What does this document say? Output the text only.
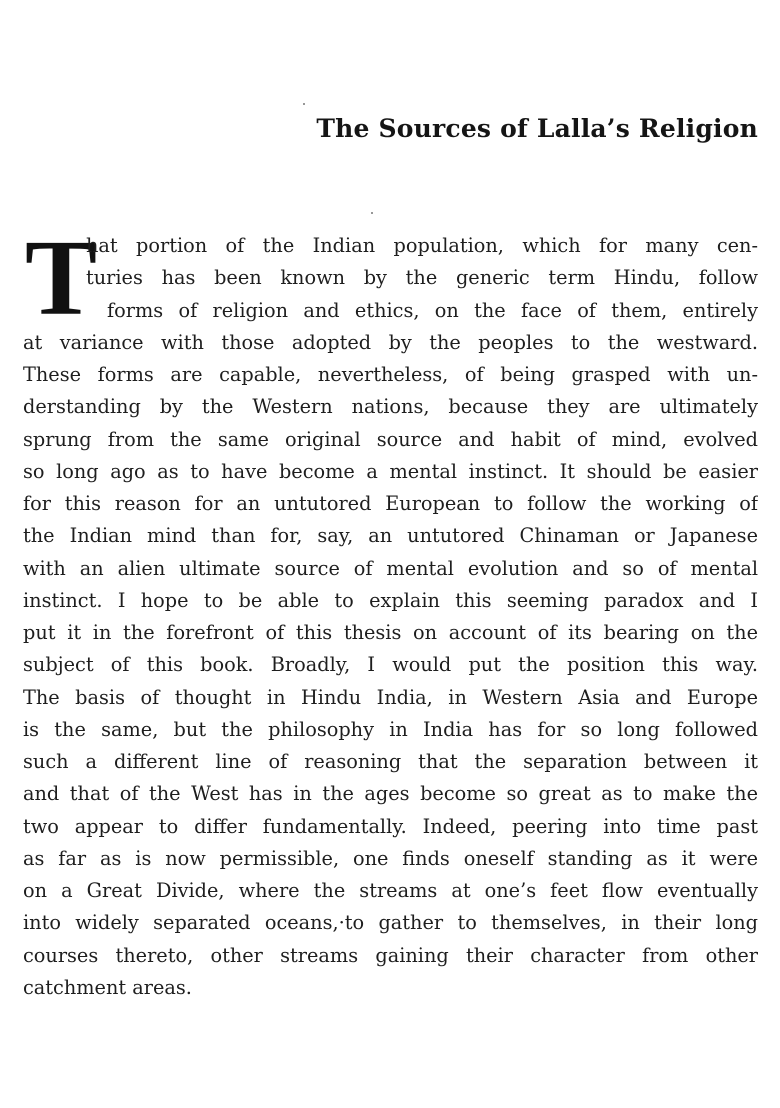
The Sources of Lalla’s Religion
T
hat portion of the Indian population, which for many cen-
turies has been known by the generic term Hindu, follow
forms of religion and ethics, on the face of them, entirely
at variance with those adopted by the peoples to the westward.
These forms are capable, nevertheless, of being grasped with un-
derstanding by the Western nations, because they are ultimately
sprung from the same original source and habit of mind, evolved
so long ago as to have become a mental instinct. It should be easier
for this reason for an untutored European to follow the working of
the Indian mind than for, say, an untutored Chinaman or Japanese
with an alien ultimate source of mental evolution and so of mental
instinct. I hope to be able to explain this seeming paradox and I
put it in the forefront of this thesis on account of its bearing on the
subject of this book. Broadly, I would put the position this way.
The basis of thought in Hindu India, in Western Asia and Europe
is the same, but the philosophy in India has for so long followed
such a different line of reasoning that the separation between it
and that of the West has in the ages become so great as to make the
two appear to differ fundamentally. Indeed, peering into time past
as far as is now permissible, one finds oneself standing as it were
on a Great Divide, where the streams at one’s feet flow eventually
into widely separated oceans,·to gather to themselves, in their long
courses thereto, other streams gaining their character from other
catchment areas.
